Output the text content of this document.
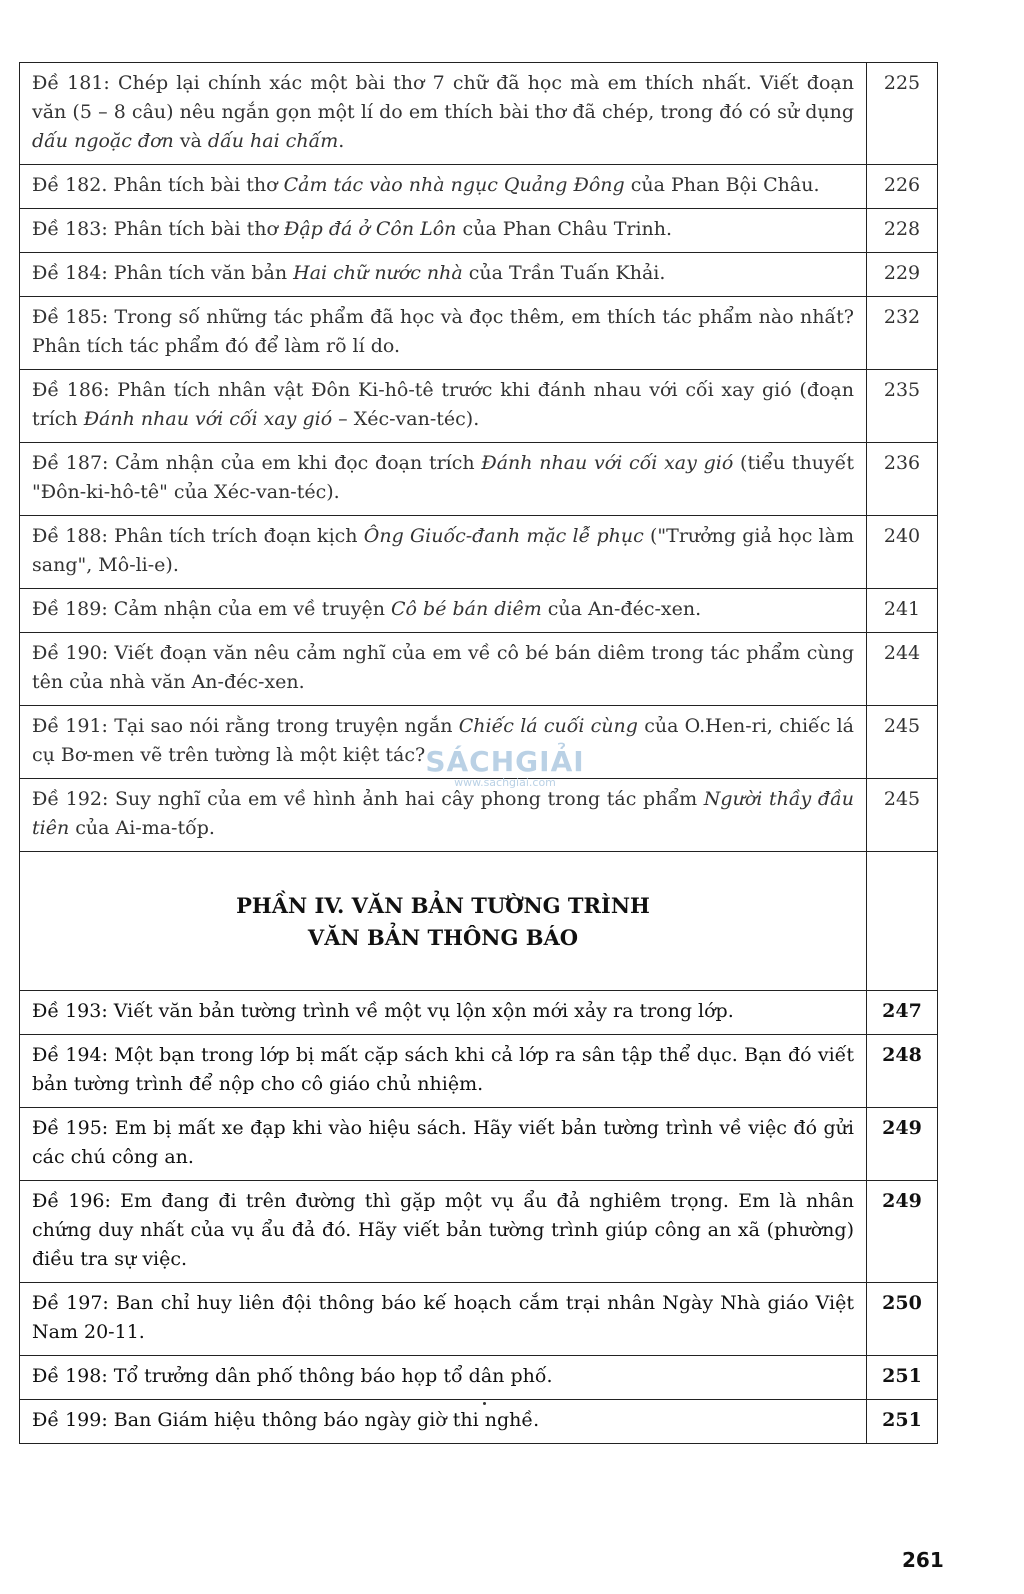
Đề 181: Chép lại chính xác một bài thơ 7 chữ đã học mà em thích nhất. Viết đoạn văn (5 – 8 câu) nêu ngắn gọn một lí do em thích bài thơ đã chép, trong đó có sử dụng dấu ngoặc đơn và dấu hai chấm.	225
Đề 182. Phân tích bài thơ Cảm tác vào nhà ngục Quảng Đông của Phan Bội Châu.	226
Đề 183: Phân tích bài thơ Đập đá ở Côn Lôn của Phan Châu Trinh.	228
Đề 184: Phân tích văn bản Hai chữ nước nhà của Trần Tuấn Khải.	229
Đề 185: Trong số những tác phẩm đã học và đọc thêm, em thích tác phẩm nào nhất? Phân tích tác phẩm đó để làm rõ lí do.	232
Đề 186: Phân tích nhân vật Đôn Ki-hô-tê trước khi đánh nhau với cối xay gió (đoạn trích Đánh nhau với cối xay gió – Xéc-van-téc).	235
Đề 187: Cảm nhận của em khi đọc đoạn trích Đánh nhau với cối xay gió (tiểu thuyết "Đôn-ki-hô-tê" của Xéc-van-téc).	236
Đề 188: Phân tích trích đoạn kịch Ông Giuốc-đanh mặc lễ phục ("Trưởng giả học làm sang", Mô-li-e).	240
Đề 189: Cảm nhận của em về truyện Cô bé bán diêm của An-đéc-xen.	241
Đề 190: Viết đoạn văn nêu cảm nghĩ của em về cô bé bán diêm trong tác phẩm cùng tên của nhà văn An-đéc-xen.	244
Đề 191: Tại sao nói rằng trong truyện ngắn Chiếc lá cuối cùng của O.Hen-ri, chiếc lá cụ Bơ-men vẽ trên tường là một kiệt tác?	245
Đề 192: Suy nghĩ của em về hình ảnh hai cây phong trong tác phẩm Người thầy đầu tiên của Ai-ma-tốp.	245

PHẦN IV. VĂN BẢN TƯỜNG TRÌNH
VĂN BẢN THÔNG BÁO	

Đề 193: Viết văn bản tường trình về một vụ lộn xộn mới xảy ra trong lớp.	247
Đề 194: Một bạn trong lớp bị mất cặp sách khi cả lớp ra sân tập thể dục. Bạn đó viết bản tường trình để nộp cho cô giáo chủ nhiệm.	248
Đề 195: Em bị mất xe đạp khi vào hiệu sách. Hãy viết bản tường trình về việc đó gửi các chú công an.	249
Đề 196: Em đang đi trên đường thì gặp một vụ ẩu đả nghiêm trọng. Em là nhân chứng duy nhất của vụ ẩu đả đó. Hãy viết bản tường trình giúp công an xã (phường) điều tra sự việc.	249
Đề 197: Ban chỉ huy liên đội thông báo kế hoạch cắm trại nhân Ngày Nhà giáo Việt Nam 20-11.	250
Đề 198: Tổ trưởng dân phố thông báo họp tổ dân phố.	251
Đề 199: Ban Giám hiệu thông báo ngày giờ thi nghề.	251
SÁCHGIẢI
www.sachgiai.com
261
